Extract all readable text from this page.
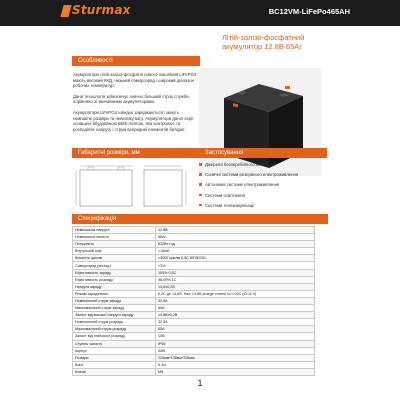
Sturmax	BC12VM-LiFePo465AH
Літій-залізо-фосфатний
акумулятор 12.8В 65Аг
Особливості
Акумулятори літій-залізо-фосфатні нового покоління LiFePO4 мають високий ККД, низький саморозряд і широкий діапазон робочих температур.
Дана технологія забезпечує значно більший строк служби, порівняно зі звичайними акумуляторами.
Акумулятори LiFePO4 швидко заряджаються і мають компактні розміри та невелику вагу. Акумулятори даної серії оснащені вбудованою BMS платою, яка контролює та розподіляє напругу і струм всередині елементів батареї.
Габаритні розміри, мм	Застосування
Джерела безперебійного живлення
Сонячні системи резервного електроживлення
Автономні системи електроживлення
Системи освітлення
Системи телекомунікації
Специфікація
Номінальна напруга	12.8В
Номінальна ємність	65Аг
Потужність	832Вт·год
Внутрішній опір	<18мΩ
Кількість циклів	>3000 циклів 0,5С 80%DOD
Саморозряд (місяць)	<3%
Ефективність заряду	100% 0,5С
Ефективність розряду	96-99% 1С
Напруга заряду	14,6±0,2В
Режим заряджання	0,2С до 14,6В, then 14,6В,charge current to 0.02С (CC/CV)
Номінальний струм заряду	32,5А
Максимальний струм заряду	65А
Захист від високої напруги заряду	14,6В±0,2В
Номінальний струм розряду	32,5А
Максимальний струм розряду	65А
Захист від глибокого розряду	10В
Ступінь захисту	IP65
Корпус	ABS
Розміри	226мм*138мм*208мм
Вага	6.4кг
Клеми	M6
1
